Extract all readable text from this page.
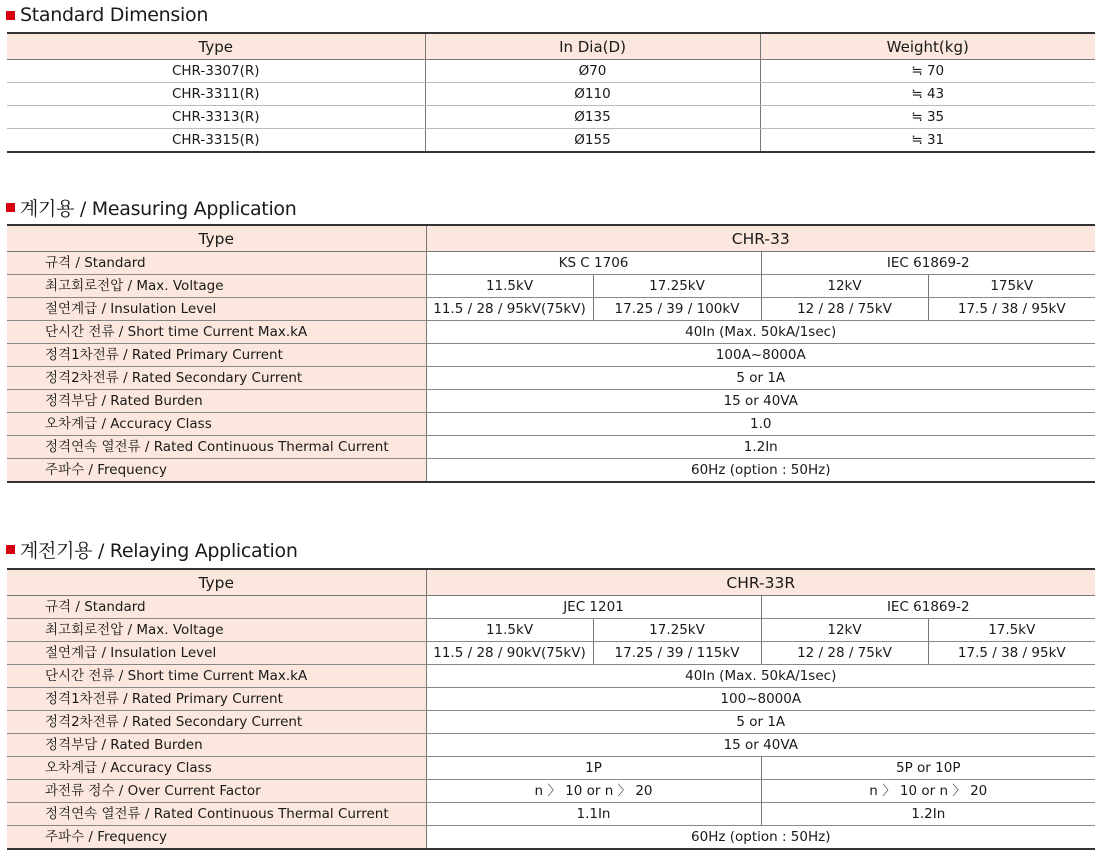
Standard Dimension
Type	In Dia(D)	Weight(kg)
CHR-3307(R)	Ø70	≒ 70
CHR-3311(R)	Ø110	≒ 43
CHR-3313(R)	Ø135	≒ 35
CHR-3315(R)	Ø155	≒ 31
계기용 / Measuring Application
Type	CHR-33			
규격 / Standard	KS C 1706		IEC 61869-2	
최고회로전압 / Max. Voltage	11.5kV	17.25kV	12kV	175kV
절연계급 / Insulation Level	11.5 / 28 / 95kV(75kV)	17.25 / 39 / 100kV	12 / 28 / 75kV	17.5 / 38 / 95kV
단시간 전류 / Short time Current Max.kA	40In (Max. 50kA/1sec)			
정격1차전류 / Rated Primary Current	100A~8000A			
정격2차전류 / Rated Secondary Current	5 or 1A			
정격부담 / Rated Burden	15 or 40VA			
오차계급 / Accuracy Class	1.0			
정격연속 열전류 / Rated Continuous Thermal Current	1.2In			
주파수 / Frequency	60Hz (option : 50Hz)			
계전기용 / Relaying Application
Type	CHR-33R			
규격 / Standard	JEC 1201		IEC 61869-2	
최고회로전압 / Max. Voltage	11.5kV	17.25kV	12kV	17.5kV
절연계급 / Insulation Level	11.5 / 28 / 90kV(75kV)	17.25 / 39 / 115kV	12 / 28 / 75kV	17.5 / 38 / 95kV
단시간 전류 / Short time Current Max.kA	40In (Max. 50kA/1sec)			
정격1차전류 / Rated Primary Current	100~8000A			
정격2차전류 / Rated Secondary Current	5 or 1A			
정격부담 / Rated Burden	15 or 40VA			
오차계급 / Accuracy Class	1P		5P or 10P	
과전류 정수 / Over Current Factor	n 〉 10 or n 〉 20		n 〉 10 or n 〉 20	
정격연속 열전류 / Rated Continuous Thermal Current	1.1In		1.2In	
주파수 / Frequency	60Hz (option : 50Hz)			
